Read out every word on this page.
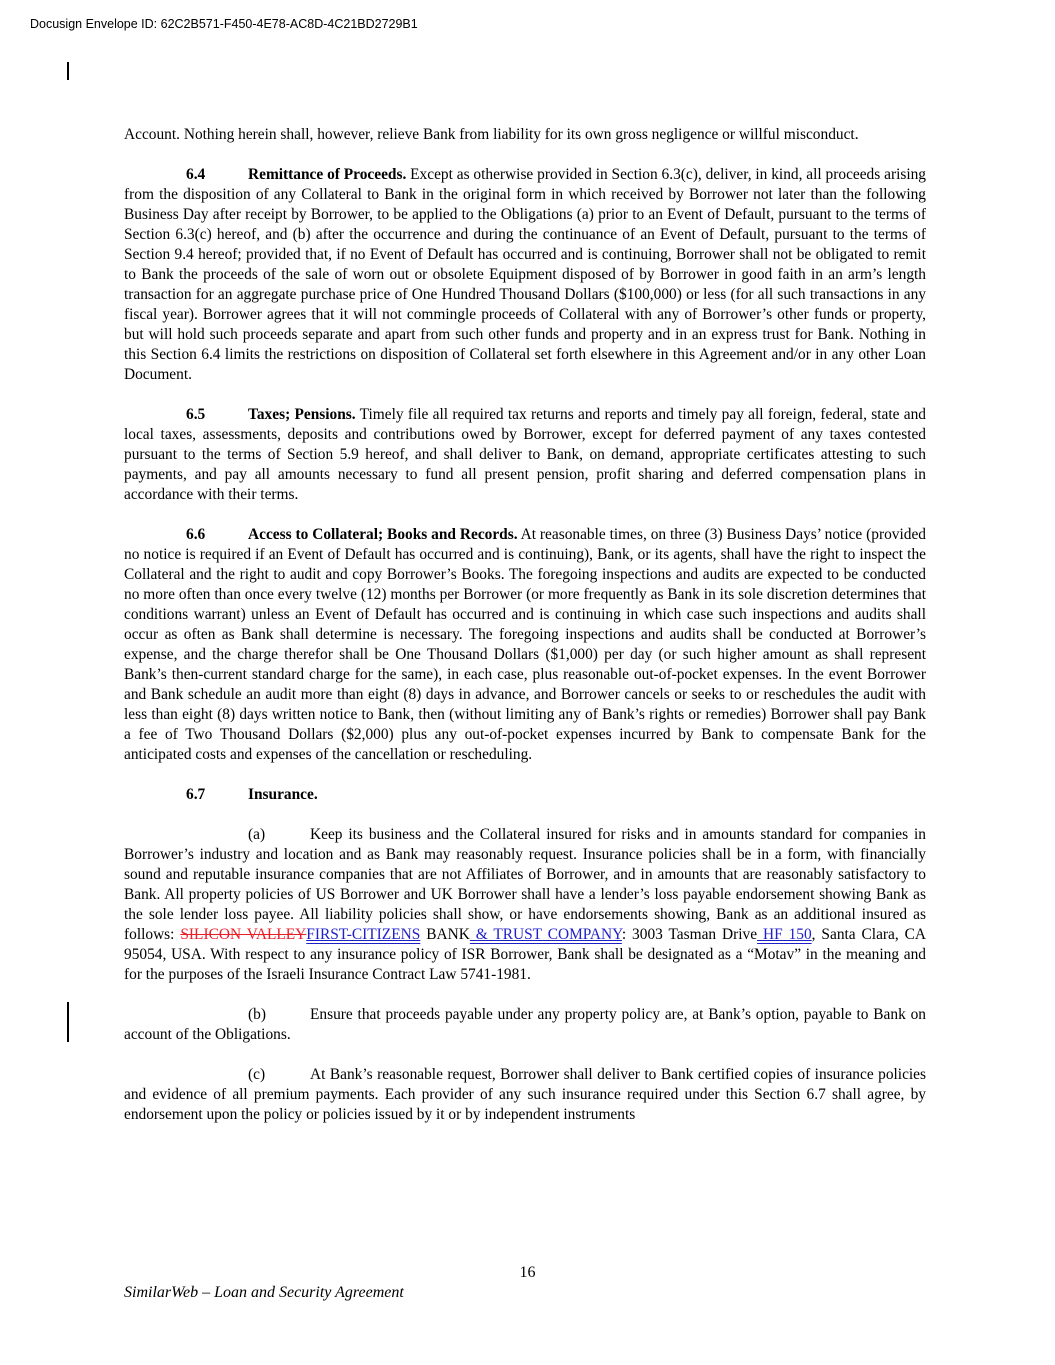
Docusign Envelope ID: 62C2B571-F450-4E78-AC8D-4C21BD2729B1

Account. Nothing herein shall, however, relieve Bank from liability for its own gross negligence or willful misconduct.

6.4	Remittance of Proceeds. Except as otherwise provided in Section 6.3(c), deliver, in kind, all proceeds arising from the disposition of any Collateral to Bank in the original form in which received by Borrower not later than the following Business Day after receipt by Borrower, to be applied to the Obligations (a) prior to an Event of Default, pursuant to the terms of Section 6.3(c) hereof, and (b) after the occurrence and during the continuance of an Event of Default, pursuant to the terms of Section 9.4 hereof; provided that, if no Event of Default has occurred and is continuing, Borrower shall not be obligated to remit to Bank the proceeds of the sale of worn out or obsolete Equipment disposed of by Borrower in good faith in an arm’s length transaction for an aggregate purchase price of One Hundred Thousand Dollars ($100,000) or less (for all such transactions in any fiscal year). Borrower agrees that it will not commingle proceeds of Collateral with any of Borrower’s other funds or property, but will hold such proceeds separate and apart from such other funds and property and in an express trust for Bank. Nothing in this Section 6.4 limits the restrictions on disposition of Collateral set forth elsewhere in this Agreement and/or in any other Loan Document.

6.5	Taxes; Pensions. Timely file all required tax returns and reports and timely pay all foreign, federal, state and local taxes, assessments, deposits and contributions owed by Borrower, except for deferred payment of any taxes contested pursuant to the terms of Section 5.9 hereof, and shall deliver to Bank, on demand, appropriate certificates attesting to such payments, and pay all amounts necessary to fund all present pension, profit sharing and deferred compensation plans in accordance with their terms.

6.6	Access to Collateral; Books and Records. At reasonable times, on three (3) Business Days’ notice (provided no notice is required if an Event of Default has occurred and is continuing), Bank, or its agents, shall have the right to inspect the Collateral and the right to audit and copy Borrower’s Books. The foregoing inspections and audits are expected to be conducted no more often than once every twelve (12) months per Borrower (or more frequently as Bank in its sole discretion determines that conditions warrant) unless an Event of Default has occurred and is continuing in which case such inspections and audits shall occur as often as Bank shall determine is necessary. The foregoing inspections and audits shall be conducted at Borrower’s expense, and the charge therefor shall be One Thousand Dollars ($1,000) per day (or such higher amount as shall represent Bank’s then-current standard charge for the same), in each case, plus reasonable out-of-pocket expenses. In the event Borrower and Bank schedule an audit more than eight (8) days in advance, and Borrower cancels or seeks to or reschedules the audit with less than eight (8) days written notice to Bank, then (without limiting any of Bank’s rights or remedies) Borrower shall pay Bank a fee of Two Thousand Dollars ($2,000) plus any out-of-pocket expenses incurred by Bank to compensate Bank for the anticipated costs and expenses of the cancellation or rescheduling.

6.7	Insurance.

(a)	Keep its business and the Collateral insured for risks and in amounts standard for companies in Borrower’s industry and location and as Bank may reasonably request. Insurance policies shall be in a form, with financially sound and reputable insurance companies that are not Affiliates of Borrower, and in amounts that are reasonably satisfactory to Bank. All property policies of US Borrower and UK Borrower shall have a lender’s loss payable endorsement showing Bank as the sole lender loss payee. All liability policies shall show, or have endorsements showing, Bank as an additional insured as follows: SILICON VALLEYFIRST-CITIZENS BANK & TRUST COMPANY: 3003 Tasman Drive HF 150, Santa Clara, CA 95054, USA. With respect to any insurance policy of ISR Borrower, Bank shall be designated as a “Motav” in the meaning and for the purposes of the Israeli Insurance Contract Law 5741-1981.

(b)	Ensure that proceeds payable under any property policy are, at Bank’s option, payable to Bank on account of the Obligations.

(c)	At Bank’s reasonable request, Borrower shall deliver to Bank certified copies of insurance policies and evidence of all premium payments. Each provider of any such insurance required under this Section 6.7 shall agree, by endorsement upon the policy or policies issued by it or by independent instruments

16
SimilarWeb – Loan and Security Agreement
